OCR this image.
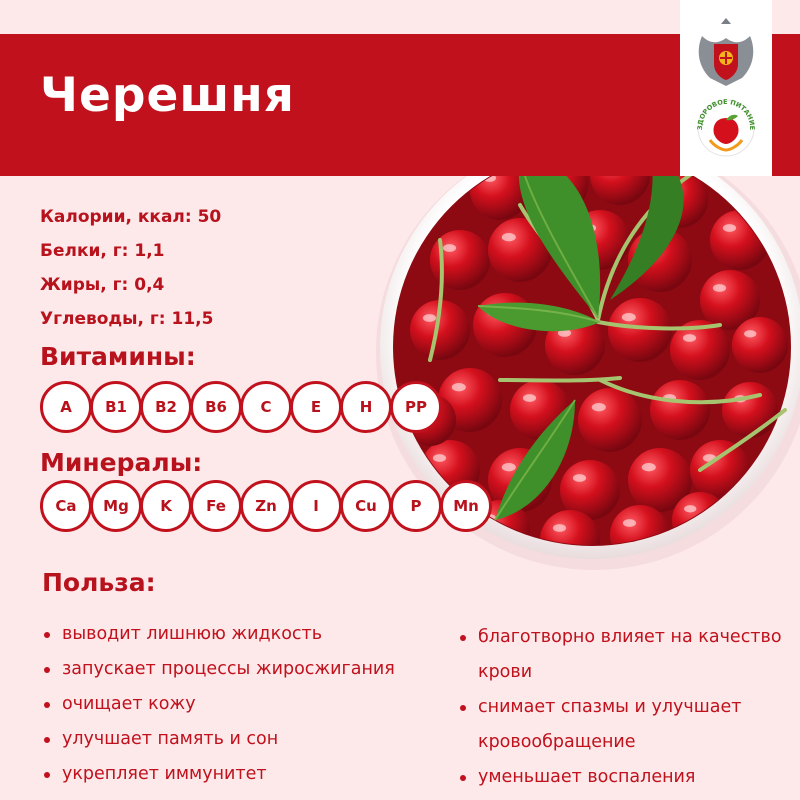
Черешня
ЗДОРОВОЕ ПИТАНИЕ
Калории, ккал: 50
Белки, г: 1,1
Жиры, г: 0,4
Углеводы, г: 11,5
Витамины:
A	B1	B2	B6	C	E	H	PP
Минералы:
Ca	Mg	K	Fe	Zn	I	Cu	P	Mn
Польза:
выводит лишнюю жидкость
запускает процессы жиросжигания
очищает кожу
улучшает память и сон
укрепляет иммунитет
благотворно влияет на качество крови
снимает спазмы и улучшает кровообращение
уменьшает воспаления
